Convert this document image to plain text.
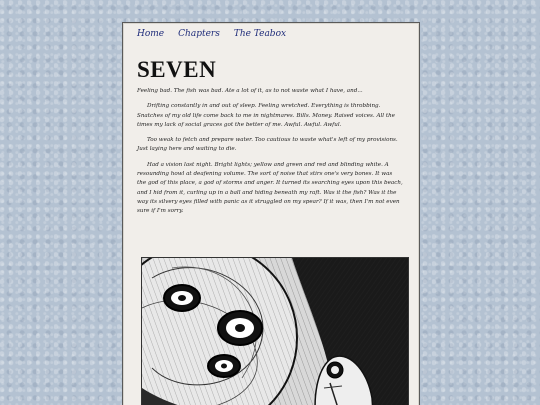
Home Chapters The Teabox
SEVEN

Feeling bad. The fish was bad. Ate a lot of it, as to not waste what I have, and...

Drifting constantly in and out of sleep. Feeling wretched. Everything is throbbing. Snatches of my old life come back to me in nightmares. Bills. Money. Raised voices. All the times my lack of social graces got the better of me. Awful. Awful. Awful.

Too weak to fetch and prepare water. Too cautious to waste what's left of my provisions. Just laying here and waiting to die.

Had a vision last night. Bright lights; yellow and green and red and blinding white. A resounding howl at deafening volume. The sort of noise that stirs one's very bones. It was the god of this place, a god of storms and anger. It turned its searching eyes upon this beach, and I hid from it, curling up in a ball and hiding beneath my raft. Was it the fish? Was it the way its silvery eyes filled with panic as it struggled on my spear? If it was, then I'm not even sure if I'm sorry.
